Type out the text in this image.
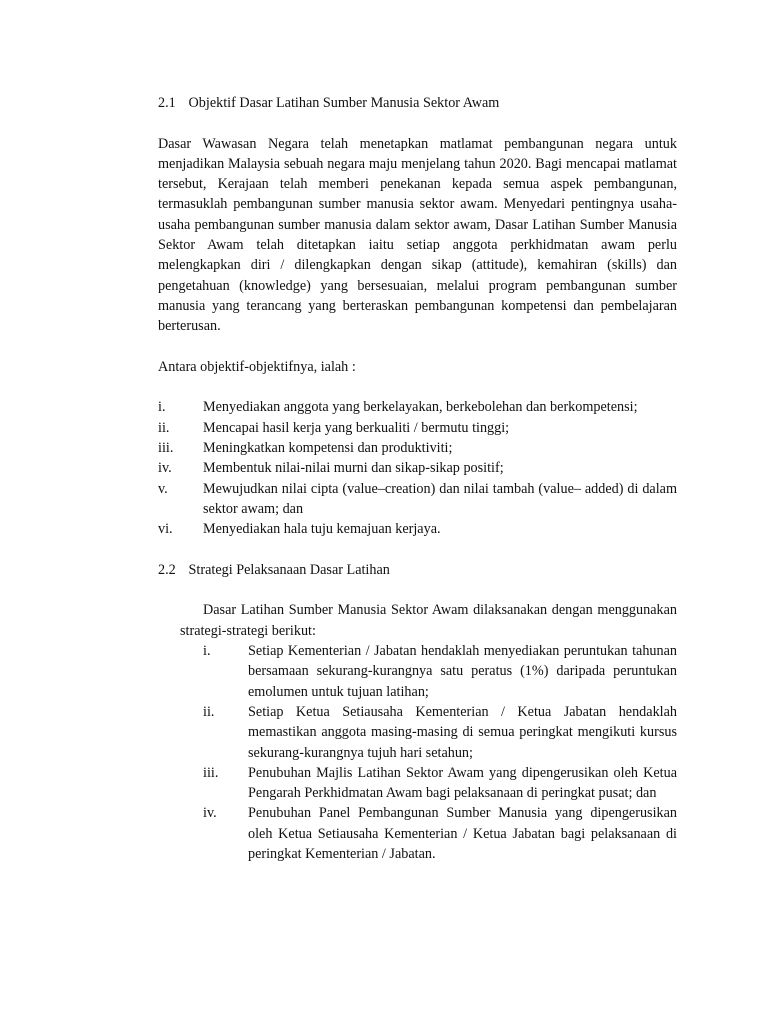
2.1 Objektif Dasar Latihan Sumber Manusia Sektor Awam

Dasar Wawasan Negara telah menetapkan matlamat pembangunan negara untuk menjadikan Malaysia sebuah negara maju menjelang tahun 2020. Bagi mencapai matlamat tersebut, Kerajaan telah memberi penekanan kepada semua aspek pembangunan, termasuklah pembangunan sumber manusia sektor awam. Menyedari pentingnya usaha-usaha pembangunan sumber manusia dalam sektor awam, Dasar Latihan Sumber Manusia Sektor Awam telah ditetapkan iaitu setiap anggota perkhidmatan awam perlu melengkapkan diri / dilengkapkan dengan sikap (attitude), kemahiran (skills) dan pengetahuan (knowledge) yang bersesuaian, melalui program pembangunan sumber manusia yang terancang yang berteraskan pembangunan kompetensi dan pembelajaran berterusan.

Antara objektif-objektifnya, ialah :

i.	Menyediakan anggota yang berkelayakan, berkebolehan dan berkompetensi;
ii.	Mencapai hasil kerja yang berkualiti / bermutu tinggi;
iii.	Meningkatkan kompetensi dan produktiviti;
iv.	Membentuk nilai-nilai murni dan sikap-sikap positif;
v.	Mewujudkan nilai cipta (value–creation) dan nilai tambah (value– added) di dalam sektor awam; dan
vi.	Menyediakan hala tuju kemajuan kerjaya.

2.2 Strategi Pelaksanaan Dasar Latihan

Dasar Latihan Sumber Manusia Sektor Awam dilaksanakan dengan menggunakan strategi-strategi berikut:

i.	Setiap Kementerian / Jabatan hendaklah menyediakan peruntukan tahunan bersamaan sekurang-kurangnya satu peratus (1%) daripada peruntukan emolumen untuk tujuan latihan;
ii.	Setiap Ketua Setiausaha Kementerian / Ketua Jabatan hendaklah memastikan anggota masing-masing di semua peringkat mengikuti kursus sekurang-kurangnya tujuh hari setahun;
iii.	Penubuhan Majlis Latihan Sektor Awam yang dipengerusikan oleh Ketua Pengarah Perkhidmatan Awam bagi pelaksanaan di peringkat pusat; dan
iv.	Penubuhan Panel Pembangunan Sumber Manusia yang dipengerusikan oleh Ketua Setiausaha Kementerian / Ketua Jabatan bagi pelaksanaan di peringkat Kementerian / Jabatan.
